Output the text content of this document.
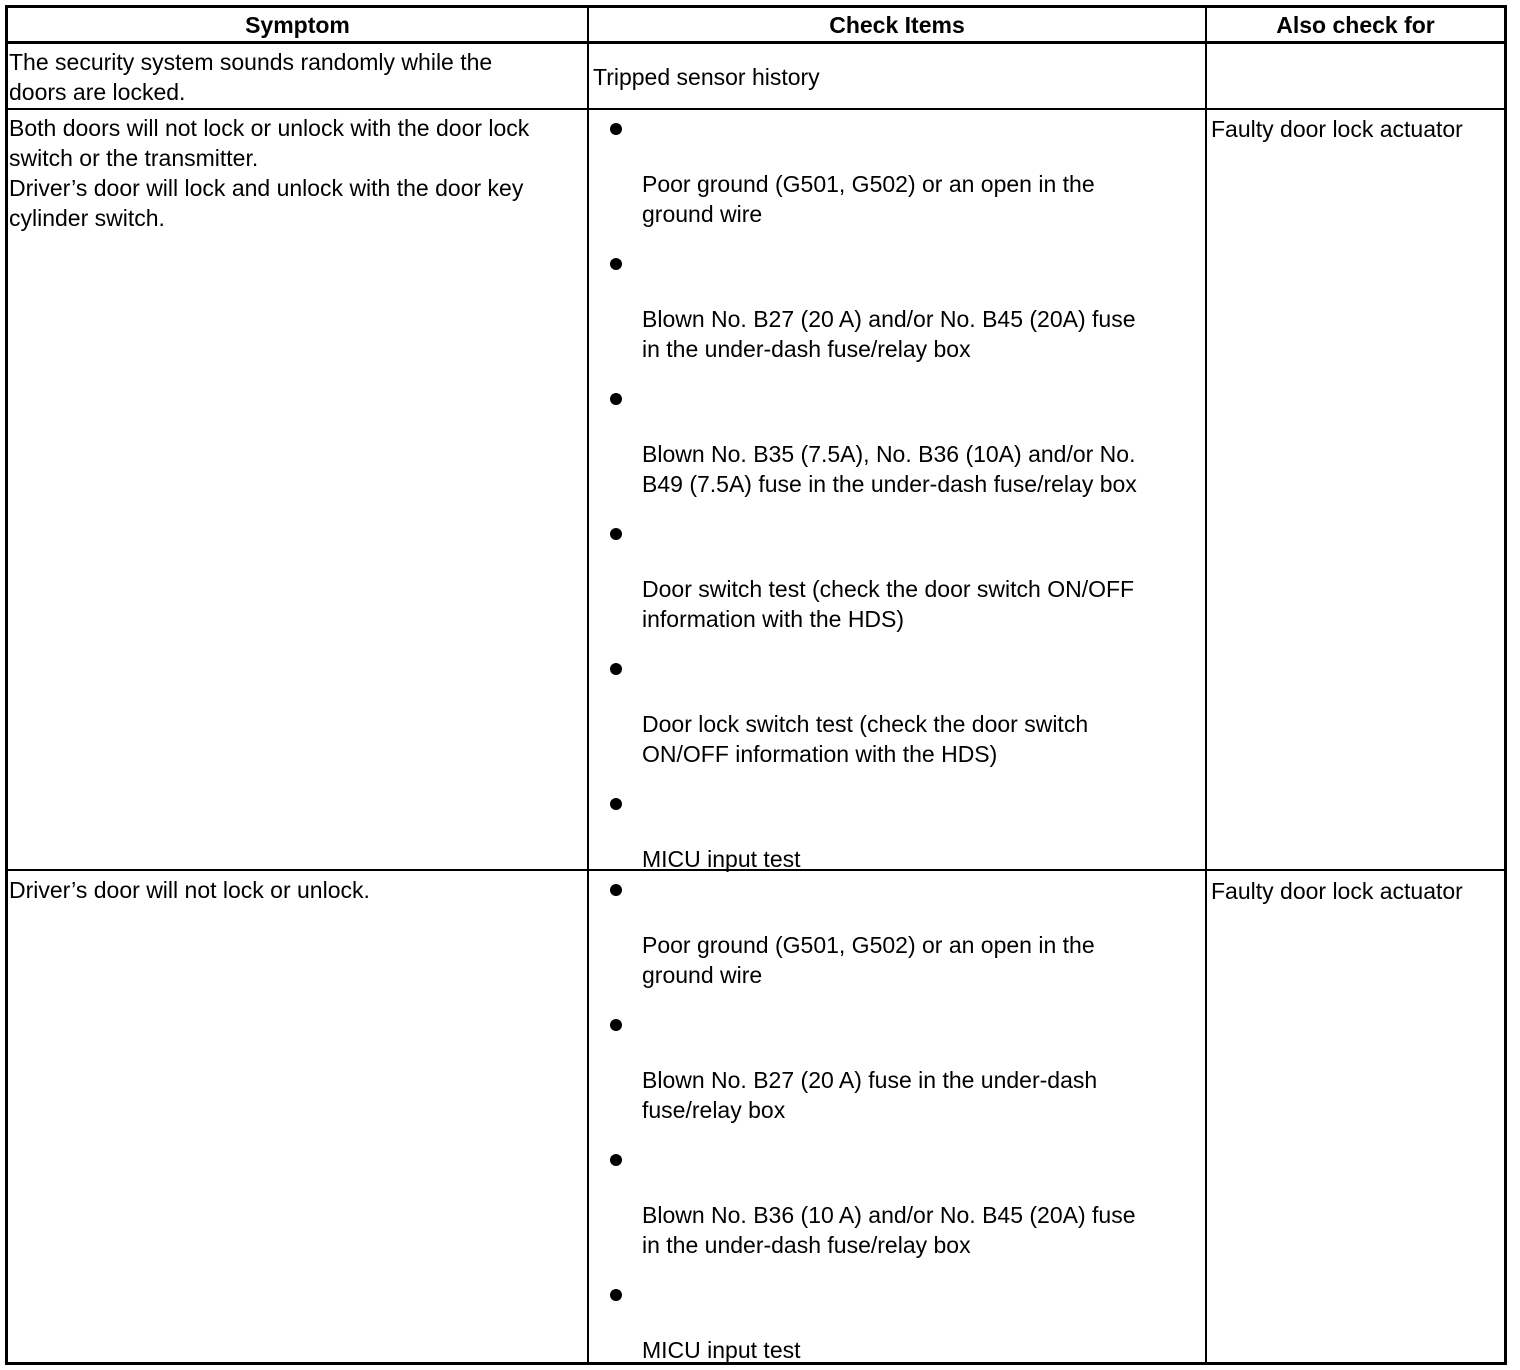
Symptom	Check Items	Also check for
The security system sounds randomly while the
doors are locked.
Tripped sensor history
Both doors will not lock or unlock with the door lock
switch or the transmitter.
Driver’s door will lock and unlock with the door key
cylinder switch.
Poor ground (G501, G502) or an open in the
ground wire
Blown No. B27 (20 A) and/or No. B45 (20A) fuse
in the under-dash fuse/relay box
Blown No. B35 (7.5A), No. B36 (10A) and/or No.
B49 (7.5A) fuse in the under-dash fuse/relay box
Door switch test (check the door switch ON/OFF
information with the HDS)
Door lock switch test (check the door switch
ON/OFF information with the HDS)
MICU input test
Faulty door lock actuator
Driver’s door will not lock or unlock.
Poor ground (G501, G502) or an open in the
ground wire
Blown No. B27 (20 A) fuse in the under-dash
fuse/relay box
Blown No. B36 (10 A) and/or No. B45 (20A) fuse
in the under-dash fuse/relay box
MICU input test
Faulty door lock actuator
